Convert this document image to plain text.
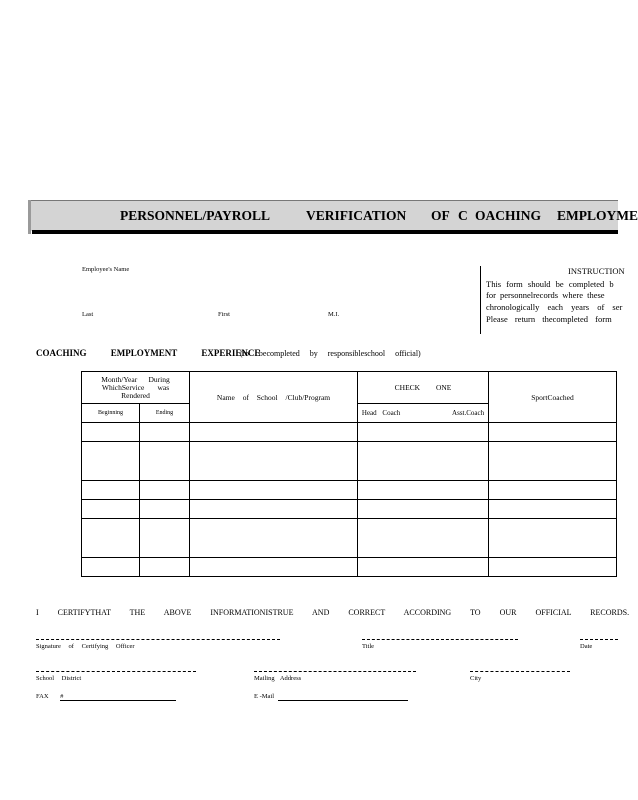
PERSONNEL/PAYROLL	VERIFICATION OF C OACHING EMPLOYME
Employee's Name
Last	First	M.I.
INSTRUCTION
This form should be completed b
for personnelrecords where these
chronologically each years of ser
Please return thecompleted form
COACHING EMPLOYMENT EXPERIENCE
(to becompleted by responsibleschool official)
Month/Year During
WhichService was
Rendered		Name of School /Club/Program	CHECK ONE	SportCoached
Beginning	Ending		Head Coach Asst.Coach	

I CERTIFYTHAT THE ABOVE INFORMATIONISTRUE AND CORRECT ACCORDING TO OUR OFFICIAL RECORDS.
Signature of Certifying Officer	Title	Date
School District	Mailing Address	City
FAX #	E -Mail
